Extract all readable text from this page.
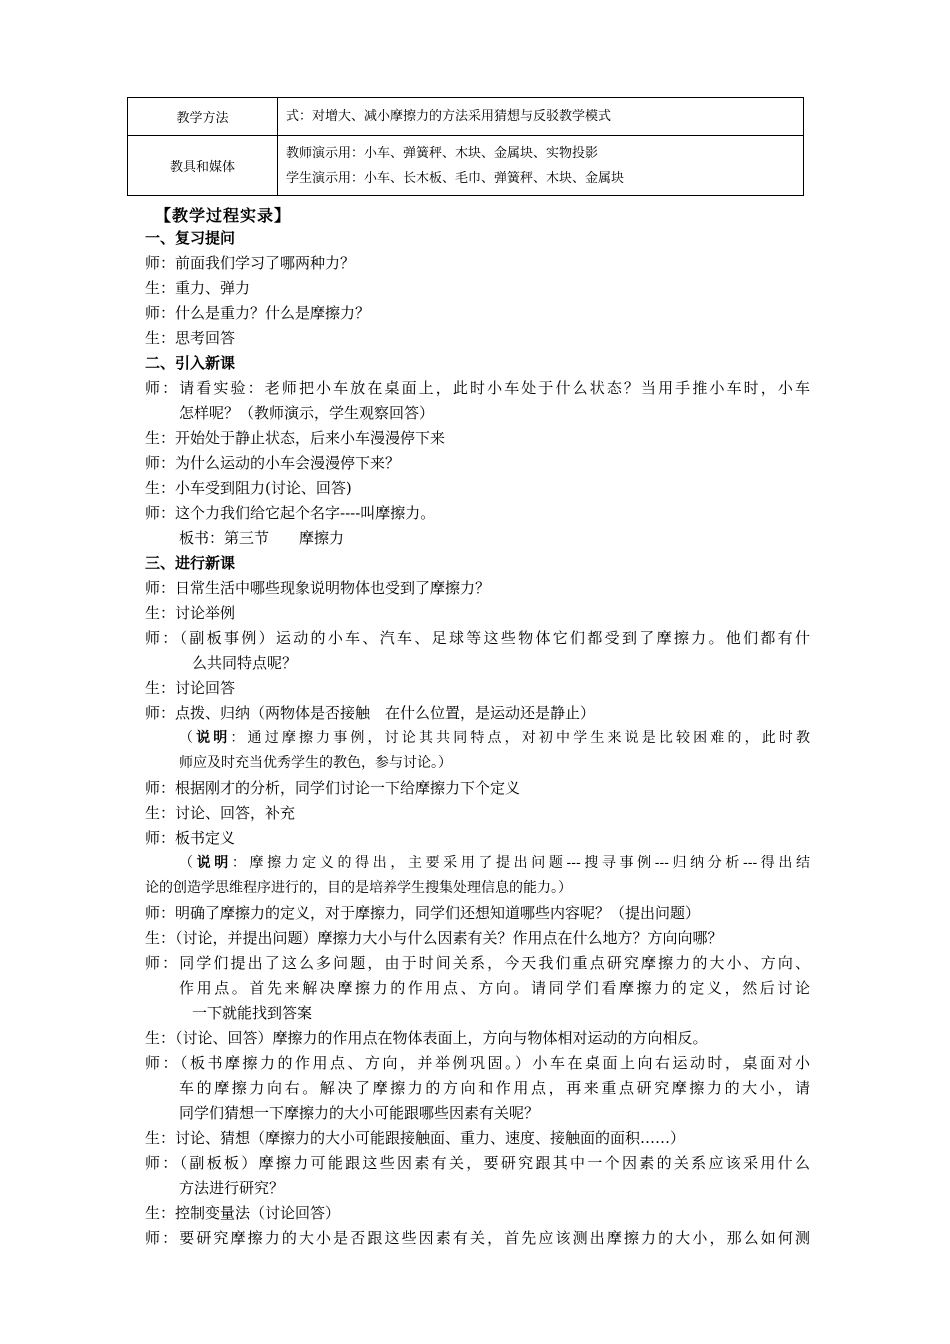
教学方法	式：对增大、减小摩擦力的方法采用猜想与反驳教学模式

教具和媒体	教师演示用：小车、弹簧秤、木块、金属块、实物投影
学生演示用：小车、长木板、毛巾、弹簧秤、木块、金属块
【教学过程实录】
一、复习提问
师：前面我们学习了哪两种力？
生：重力、弹力
师：什么是重力？什么是摩擦力？
生：思考回答
二、引入新课
师：请看实验：老师把小车放在桌面上，此时小车处于什么状态？当用手推小车时，小车
怎样呢？（教师演示，学生观察回答）
生：开始处于静止状态，后来小车漫漫停下来
师：为什么运动的小车会漫漫停下来？
生：小车受到阻力(讨论、回答)
师：这个力我们给它起个名字----叫摩擦力。
板书：第三节　　摩擦力
三、进行新课
师：日常生活中哪些现象说明物体也受到了摩擦力？
生：讨论举例
师：（副板事例）运动的小车、汽车、足球等这些物体它们都受到了摩擦力。他们都有什
么共同特点呢？
生：讨论回答
师：点拨、归纳（两物体是否接触　在什么位置，是运动还是静止）
（说明：通过摩擦力事例，讨论其共同特点，对初中学生来说是比较困难的，此时教
师应及时充当优秀学生的教色，参与讨论。）
师：根据刚才的分析，同学们讨论一下给摩擦力下个定义
生：讨论、回答，补充
师：板书定义
（说明：摩擦力定义的得出，主要采用了提出问题---搜寻事例---归纳分析---得出结
论的创造学思维程序进行的，目的是培养学生搜集处理信息的能力。）
师：明确了摩擦力的定义，对于摩擦力，同学们还想知道哪些内容呢？（提出问题）
生：（讨论，并提出问题）摩擦力大小与什么因素有关？作用点在什么地方？方向向哪？
师：同学们提出了这么多问题，由于时间关系，今天我们重点研究摩擦力的大小、方向、
作用点。首先来解决摩擦力的作用点、方向。请同学们看摩擦力的定义，然后讨论
一下就能找到答案
生：（讨论、回答）摩擦力的作用点在物体表面上，方向与物体相对运动的方向相反。
师：（板书摩擦力的作用点、方向，并举例巩固。）小车在桌面上向右运动时，桌面对小
车的摩擦力向右。解决了摩擦力的方向和作用点，再来重点研究摩擦力的大小，请
同学们猜想一下摩擦力的大小可能跟哪些因素有关呢？
生：讨论、猜想（摩擦力的大小可能跟接触面、重力、速度、接触面的面积……）
师：（副板板）摩擦力可能跟这些因素有关，要研究跟其中一个因素的关系应该采用什么
方法进行研究？
生：控制变量法（讨论回答）
师：要研究摩擦力的大小是否跟这些因素有关，首先应该测出摩擦力的大小，那么如何测
